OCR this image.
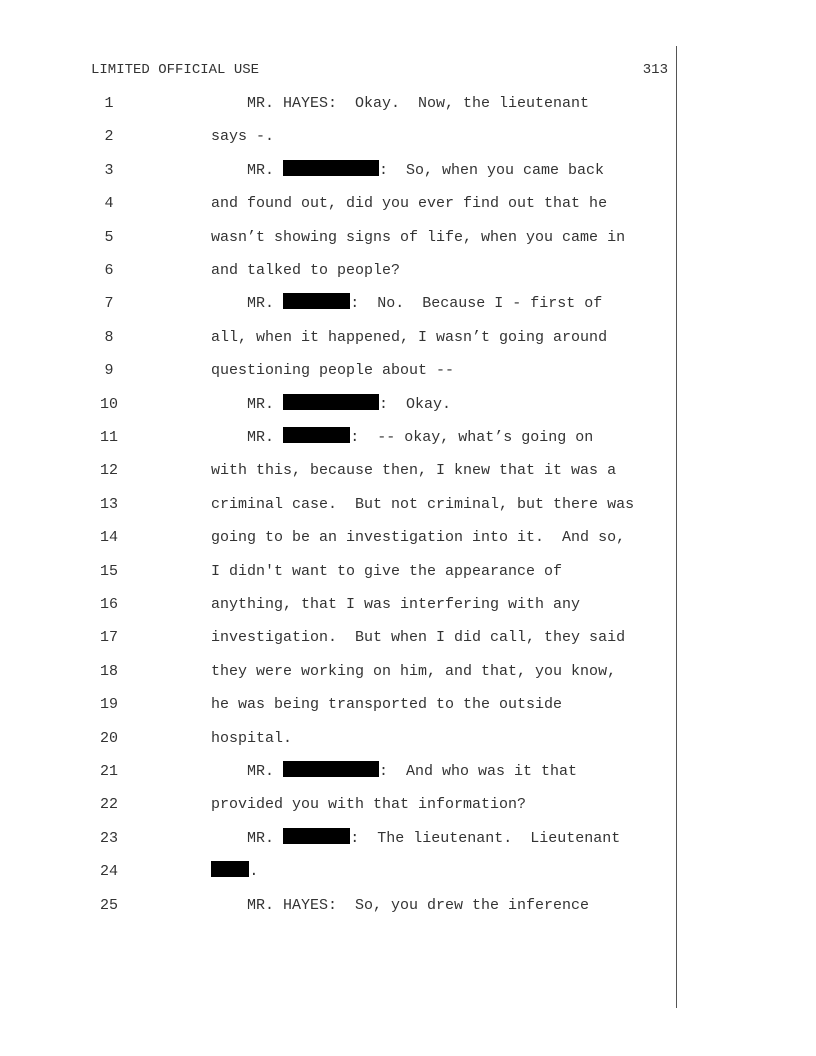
LIMITED OFFICIAL USE	313
1	MR. HAYES:  Okay.  Now, the lieutenant
2	says -.
3	MR.	:  So, when you came back
4	and found out, did you ever find out that he
5	wasn’t showing signs of life, when you came in
6	and talked to people?
7	MR.	:  No.  Because I - first of
8	all, when it happened, I wasn’t going around
9	questioning people about --
10	MR.	:  Okay.
11	MR.	:  -- okay, what’s going on
12	with this, because then, I knew that it was a
13	criminal case.  But not criminal, but there was
14	going to be an investigation into it.  And so,
15	I didn't want to give the appearance of
16	anything, that I was interfering with any
17	investigation.  But when I did call, they said
18	they were working on him, and that, you know,
19	he was being transported to the outside
20	hospital.
21	MR.	:  And who was it that
22	provided you with that information?
23	MR.	:  The lieutenant.  Lieutenant
24	.
25	MR. HAYES:  So, you drew the inference
